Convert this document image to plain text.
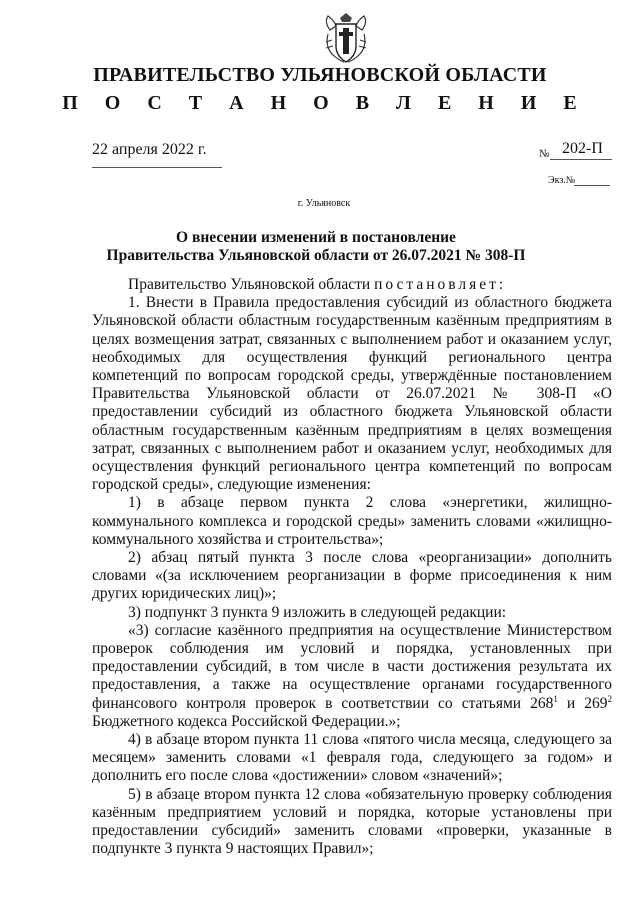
ПРАВИТЕЛЬСТВО УЛЬЯНОВСКОЙ ОБЛАСТИ
П О С Т А Н О В Л Е Н И Е
22 апреля 2022 г.	№ 202-П
Экз.№
г. Ульяновск
О внесении изменений в постановление
Правительства Ульяновской области от 26.07.2021 № 308-П

Правительство Ульяновской области постановляет:

1. Внести в Правила предоставления субсидий из областного бюджета Ульяновской области областным государственным казённым предприятиям в целях возмещения затрат, связанных с выполнением работ и оказанием услуг, необходимых для осуществления функций регионального центра компетенций по вопросам городской среды, утверждённые постановлением Правительства Ульяновской области от 26.07.2021 № 308-П «О предоставлении субсидий из областного бюджета Ульяновской области областным государственным казённым предприятиям в целях возмещения затрат, связанных с выполнением работ и оказанием услуг, необходимых для осуществления функций регионального центра компетенций по вопросам городской среды», следующие изменения:

1) в абзаце первом пункта 2 слова «энергетики, жилищно-коммунального комплекса и городской среды» заменить словами «жилищно-коммунального хозяйства и строительства»;

2) абзац пятый пункта 3 после слова «реорганизации» дополнить словами «(за исключением реорганизации в форме присоединения к ним других юридических лиц)»;

3) подпункт 3 пункта 9 изложить в следующей редакции:

«3) согласие казённого предприятия на осуществление Министерством проверок соблюдения им условий и порядка, установленных при предоставлении субсидий, в том числе в части достижения результата их предоставления, а также на осуществление органами государственного финансового контроля проверок в соответствии со статьями $268^1$ и $269^2$ Бюджетного кодекса Российской Федерации.»;

4) в абзаце втором пункта 11 слова «пятого числа месяца, следующего за месяцем» заменить словами «1 февраля года, следующего за годом» и дополнить его после слова «достижении» словом «значений»;

5) в абзаце втором пункта 12 слова «обязательную проверку соблюдения казённым предприятием условий и порядка, которые установлены при предоставлении субсидий» заменить словами «проверки, указанные в подпункте 3 пункта 9 настоящих Правил»;
